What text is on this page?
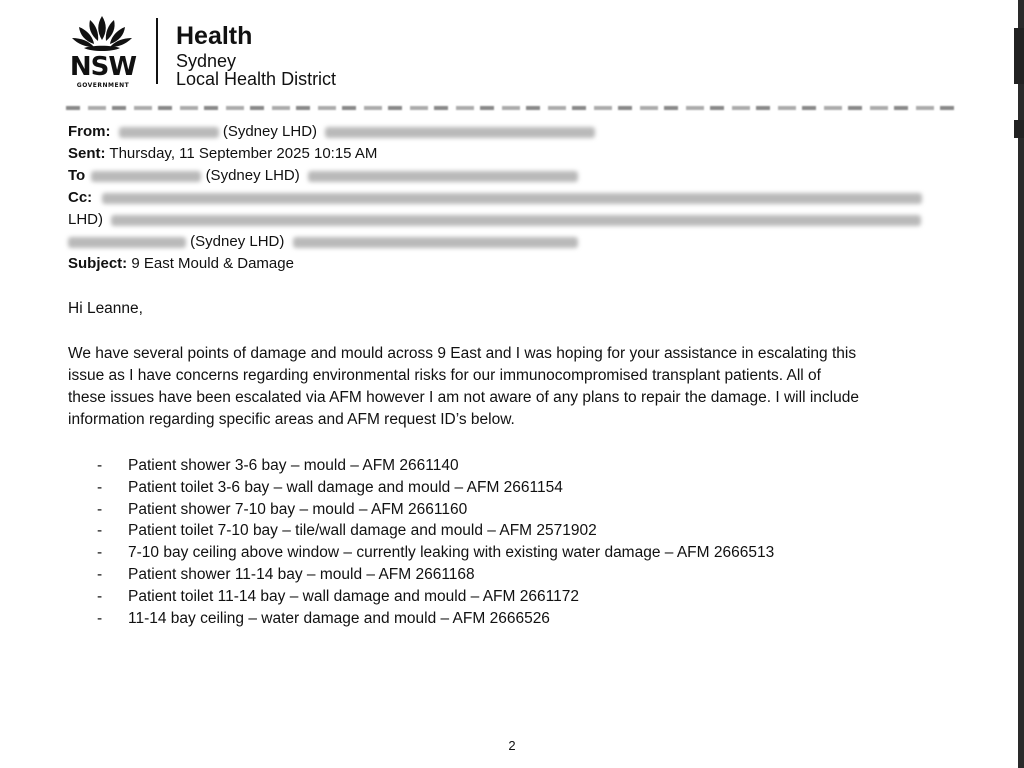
NSW
GOVERNMENT
Health
Sydney
Local Health District
From:	(Sydney LHD)
Sent: Thursday, 11 September 2025 10:15 AM
To	(Sydney LHD)
Cc:
LHD)
(Sydney LHD)
Subject: 9 East Mould & Damage
Hi Leanne,
We have several points of damage and mould across 9 East and I was hoping for your assistance in escalating this
issue as I have concerns regarding environmental risks for our immunocompromised transplant patients. All of
these issues have been escalated via AFM however I am not aware of any plans to repair the damage. I will include
information regarding specific areas and AFM request ID’s below.
- Patient shower 3-6 bay – mould – AFM 2661140
- Patient toilet 3-6 bay – wall damage and mould – AFM 2661154
- Patient shower 7-10 bay – mould – AFM 2661160
- Patient toilet 7-10 bay – tile/wall damage and mould – AFM 2571902
- 7-10 bay ceiling above window – currently leaking with existing water damage – AFM 2666513
- Patient shower 11-14 bay – mould – AFM 2661168
- Patient toilet 11-14 bay – wall damage and mould – AFM 2661172
- 11-14 bay ceiling – water damage and mould – AFM 2666526
2
